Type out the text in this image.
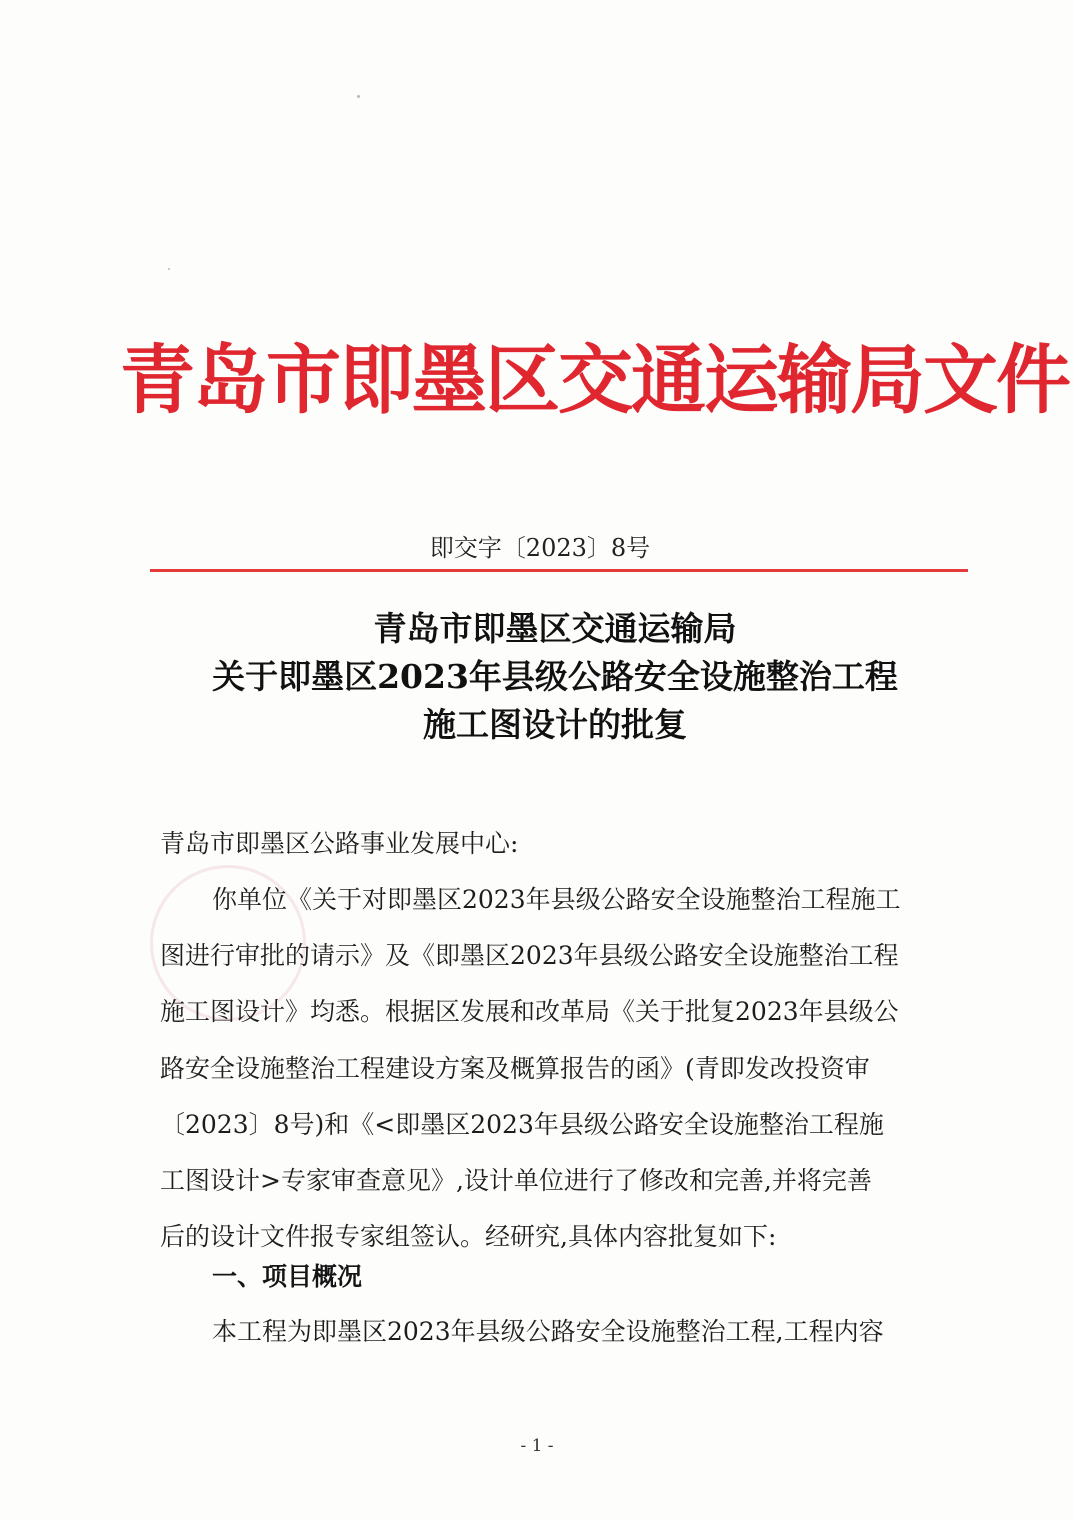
青岛市即墨区交通运输局文件
即交字〔2023〕8号
青岛市即墨区交通运输局
关于即墨区2023年县级公路安全设施整治工程
施工图设计的批复
青岛市即墨区公路事业发展中心:
你单位《关于对即墨区2023年县级公路安全设施整治工程施工
图进行审批的请示》及《即墨区2023年县级公路安全设施整治工程
施工图设计》均悉。根据区发展和改革局《关于批复2023年县级公
路安全设施整治工程建设方案及概算报告的函》(青即发改投资审
〔2023〕8号)和《<即墨区2023年县级公路安全设施整治工程施
工图设计>专家审查意见》,设计单位进行了修改和完善,并将完善
后的设计文件报专家组签认。经研究,具体内容批复如下:
一、项目概况
本工程为即墨区2023年县级公路安全设施整治工程,工程内容
- 1 -
